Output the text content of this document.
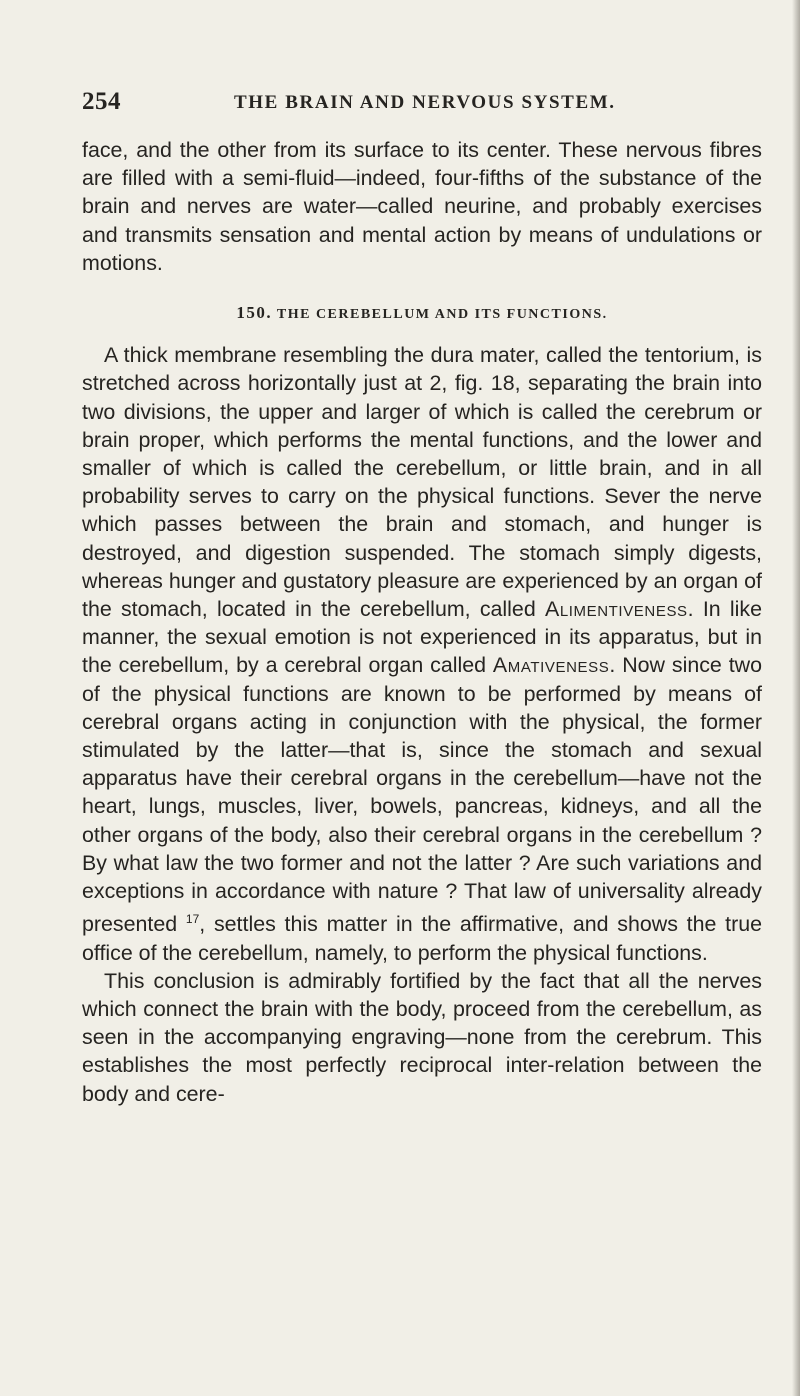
254	THE BRAIN AND NERVOUS SYSTEM.

face, and the other from its surface to its center. These nervous fibres are filled with a semi-fluid—indeed, four-fifths of the substance of the brain and nerves are water—called neurine, and probably exercises and transmits sensation and mental action by means of undulations or motions.

150. THE CEREBELLUM AND ITS FUNCTIONS.

A thick membrane resembling the dura mater, called the tentorium, is stretched across horizontally just at 2, fig. 18, separating the brain into two divisions, the upper and larger of which is called the cerebrum or brain proper, which performs the mental functions, and the lower and smaller of which is called the cerebellum, or little brain, and in all probability serves to carry on the physical functions. Sever the nerve which passes between the brain and stomach, and hunger is destroyed, and digestion suspended. The stomach simply digests, whereas hunger and gustatory pleasure are experienced by an organ of the stomach, located in the cerebellum, called Alimentiveness. In like manner, the sexual emotion is not experienced in its apparatus, but in the cerebellum, by a cerebral organ called Amativeness. Now since two of the physical functions are known to be performed by means of cerebral organs acting in conjunction with the physical, the former stimulated by the latter—that is, since the stomach and sexual apparatus have their cerebral organs in the cerebellum—have not the heart, lungs, muscles, liver, bowels, pancreas, kidneys, and all the other organs of the body, also their cerebral organs in the cerebellum ? By what law the two former and not the latter ? Are such variations and exceptions in accordance with nature ? That law of universality already presented $^{17}$, settles this matter in the affirmative, and shows the true office of the cerebellum, namely, to perform the physical functions.

This conclusion is admirably fortified by the fact that all the nerves which connect the brain with the body, proceed from the cerebellum, as seen in the accompanying engraving—none from the cerebrum. This establishes the most perfectly reciprocal inter-relation between the body and cere-
